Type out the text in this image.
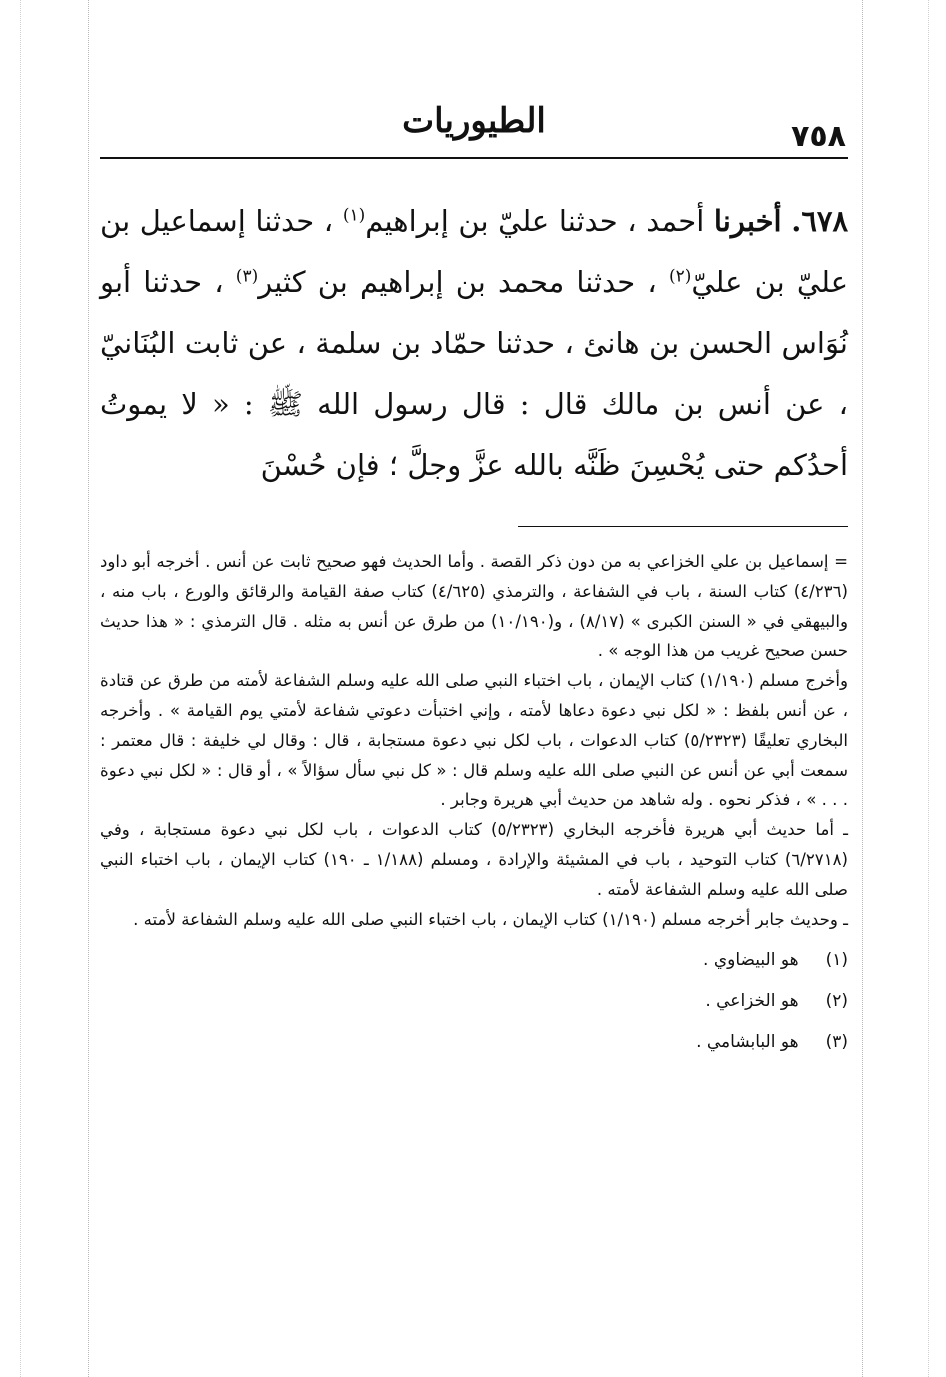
٧٥٨
الطيوريات
٦٧٨. أخبرنا أحمد ، حدثنا عليّ بن إبراهيم$^{(١)}$ ، حدثنا إسماعيل بن عليّ بن عليّ$^{(٢)}$ ، حدثنا محمد بن إبراهيم بن كثير$^{(٣)}$ ، حدثنا أبو نُوَاس الحسن بن هانئ ، حدثنا حمّاد بن سلمة ، عن ثابت البُنَانيّ ، عن أنس بن مالك قال : قال رسول الله ﷺ : « لا يموتُ أحدُكم حتى يُحْسِنَ ظَنَّه بالله عزَّ وجلَّ ؛ فإن حُسْنَ

= إسماعيل بن علي الخزاعي به من دون ذكر القصة . وأما الحديث فهو صحيح ثابت عن أنس . أخرجه أبو داود (٤/٢٣٦) كتاب السنة ، باب في الشفاعة ، والترمذي (٤/٦٢٥) كتاب صفة القيامة والرقائق والورع ، باب منه ، والبيهقي في « السنن الكبرى » (٨/١٧) ، و(١٠/١٩٠) من طرق عن أنس به مثله . قال الترمذي : « هذا حديث حسن صحيح غريب من هذا الوجه » .

وأخرج مسلم (١/١٩٠) كتاب الإيمان ، باب اختباء النبي صلى الله عليه وسلم الشفاعة لأمته من طرق عن قتادة ، عن أنس بلفظ : « لكل نبي دعوة دعاها لأمته ، وإني اختبأت دعوتي شفاعة لأمتي يوم القيامة » . وأخرجه البخاري تعليقًا (٥/٢٣٢٣) كتاب الدعوات ، باب لكل نبي دعوة مستجابة ، قال : وقال لي خليفة : قال معتمر : سمعت أبي عن أنس عن النبي صلى الله عليه وسلم قال : « كل نبي سأل سؤالاً » ، أو قال : « لكل نبي دعوة . . . » ، فذكر نحوه . وله شاهد من حديث أبي هريرة وجابر .

ـ أما حديث أبي هريرة فأخرجه البخاري (٥/٢٣٢٣) كتاب الدعوات ، باب لكل نبي دعوة مستجابة ، وفي (٦/٢٧١٨) كتاب التوحيد ، باب في المشيئة والإرادة ، ومسلم (١/١٨٨ ـ ١٩٠) كتاب الإيمان ، باب اختباء النبي صلى الله عليه وسلم الشفاعة لأمته .

ـ وحديث جابر أخرجه مسلم (١/١٩٠) كتاب الإيمان ، باب اختباء النبي صلى الله عليه وسلم الشفاعة لأمته .

(١) هو البيضاوي .
(٢) هو الخزاعي .
(٣) هو البابشامي .
